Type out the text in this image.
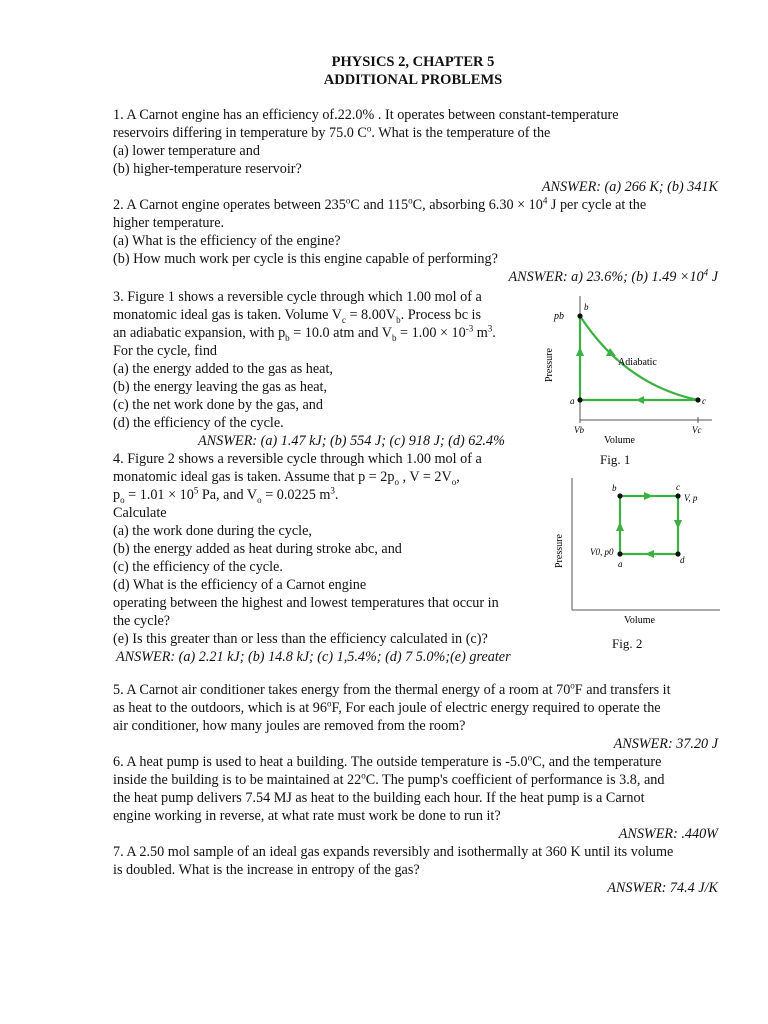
PHYSICS 2, CHAPTER 5
ADDITIONAL PROBLEMS
1. A Carnot engine has an efficiency of.22.0% . It operates between constant-temperature
reservoirs differing in temperature by 75.0 $C^o$. What is the temperature of the
(a) lower temperature and
(b) higher-temperature reservoir?
ANSWER: (a) 266 K; (b) 341K
2. A Carnot engine operates between 235$^o$C and 115$^o$C, absorbing $6.30 \times 10^4$ J per cycle at the
higher temperature.
(a) What is the efficiency of the engine?
(b) How much work per cycle is this engine capable of performing?
ANSWER: a) 23.6%; (b) $1.49 \times 10^4$ J
3. Figure 1 shows a reversible cycle through which 1.00 mol of a
monatomic ideal gas is taken. Volume $V_c = 8.00V_b$. Process bc is
an adiabatic expansion, with $p_b = 10.0$ atm and $V_b = 1.00 \times 10^{-3}$ $m^3$.
For the cycle, find
(a) the energy added to the gas as heat,
(b) the energy leaving the gas as heat,
(c) the net work done by the gas, and
(d) the efficiency of the cycle.
ANSWER: (a) 1.47 kJ; (b) 554 J; (c) 918 J; (d) 62.4%
pb
b
a	c
Vb	Vc
Adiabatic
Pressure
Volume
Fig. 1
4. Figure 2 shows a reversible cycle through which 1.00 mol of a
monatomic ideal gas is taken. Assume that $p = 2p_o$ , $V = 2V_o$,
$p_o = 1.01 \times 10^5$ Pa, and $V_o = 0.0225$ $m^3$.
Calculate
(a) the work done during the cycle,
(b) the energy added as heat during stroke abc, and
(c) the efficiency of the cycle.
(d) What is the efficiency of a Carnot engine
operating between the highest and lowest temperatures that occur in
the cycle?
(e) Is this greater than or less than the efficiency calculated in (c)?
ANSWER: (a) 2.21 kJ; (b) 14.8 kJ; (c) 1,5.4%; (d) 7 5.0%;(e) greater
b	c
V, p
d
a
V0, p0
Pressure
Volume
Fig. 2
5. A Carnot air conditioner takes energy from the thermal energy of a room at 70$^o$F and transfers it
as heat to the outdoors, which is at 96$^o$F, For each joule of electric energy required to operate the
air conditioner, how many joules are removed from the room?
ANSWER: 37.20 J
6. A heat pump is used to heat a building. The outside temperature is -5.0$^o$C, and the temperature
inside the building is to be maintained at 22$^o$C. The pump's coefficient of performance is 3.8, and
the heat pump delivers 7.54 MJ as heat to the building each hour. If the heat pump is a Carnot
engine working in reverse, at what rate must work be done to run it?
ANSWER: .440W
7. A 2.50 mol sample of an ideal gas expands reversibly and isothermally at 360 K until its volume
is doubled. What is the increase in entropy of the gas?
ANSWER: 74.4 J/K
